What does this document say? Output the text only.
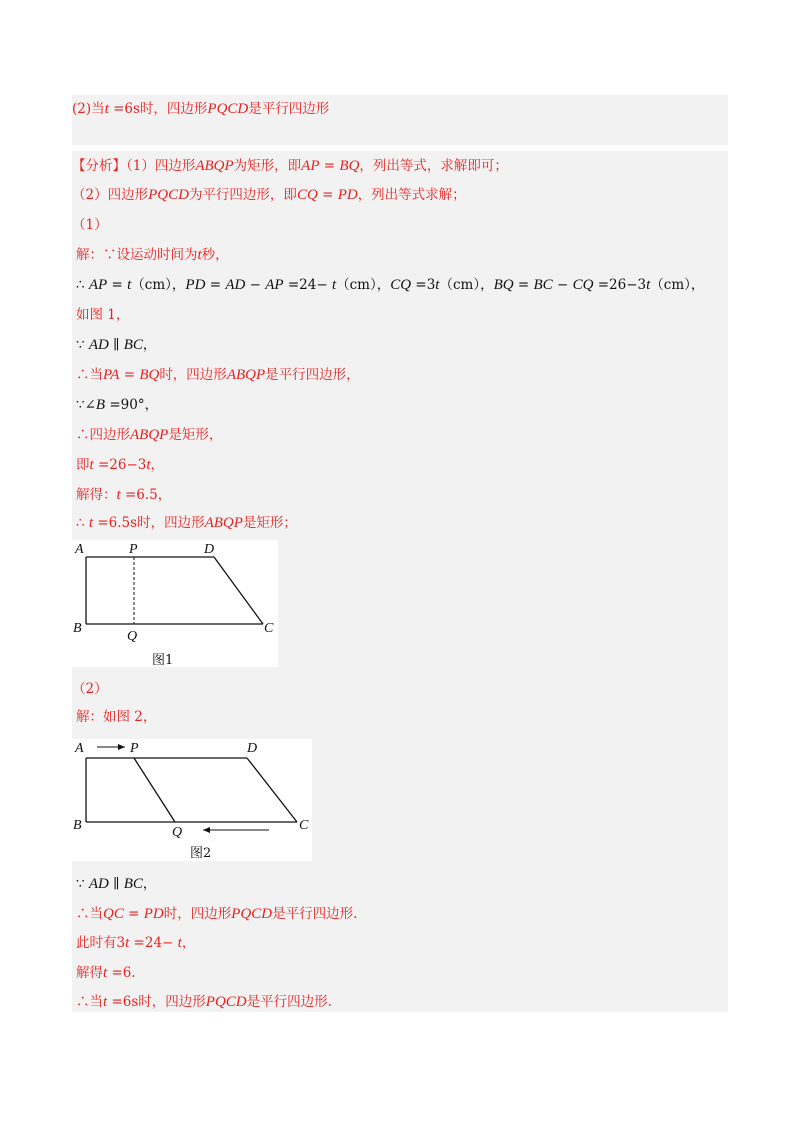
(2)当t =6s时，四边形PQCD是平行四边形
【分析】（1）四边形ABQP为矩形，即AP = BQ，列出等式，求解即可；
（2）四边形PQCD为平行四边形，即CQ = PD，列出等式求解；
（1）
解：∵设运动时间为t秒，
∴ AP = t（cm），PD = AD − AP =24− t（cm），CQ =3t（cm），BQ = BC − CQ =26−3t（cm），
如图 1，
∵ AD ∥ BC，
∴当PA = BQ时，四边形ABQP是平行四边形，
∵∠B =90°，
∴四边形ABQP是矩形，
即t =26−3t，
解得：t =6.5，
∴ t =6.5s时，四边形ABQP是矩形；
A	P	D
B
Q
C
图1
（2）
解：如图 2，
A	P	D
B	Q	C
图2
∵ AD ∥ BC，
∴当QC = PD时，四边形PQCD是平行四边形.
此时有3t =24− t，
解得t =6.
∴当t =6s时，四边形PQCD是平行四边形.
